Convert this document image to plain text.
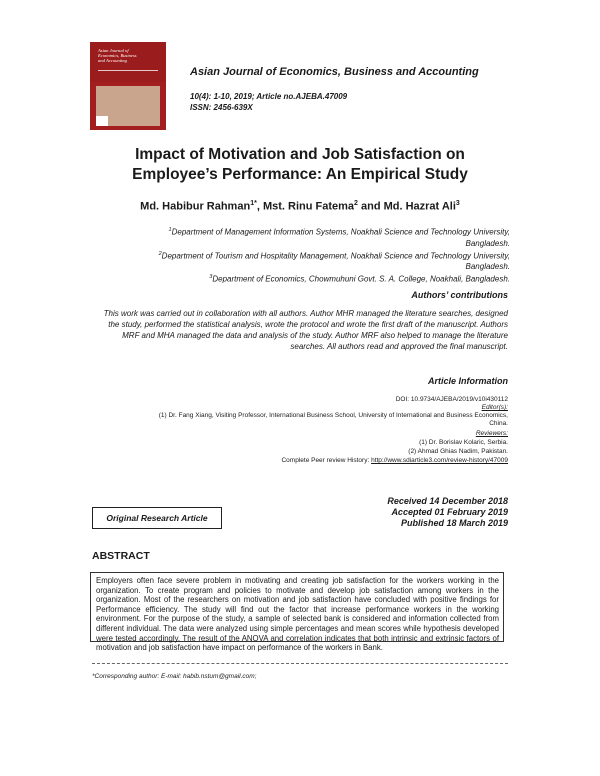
Asian Journal of
Economics, Business
and Accounting
Asian Journal of Economics, Business and Accounting
10(4): 1-10, 2019; Article no.AJEBA.47009
ISSN: 2456-639X
Impact of Motivation and Job Satisfaction on
Employee’s Performance: An Empirical Study
Md. Habibur Rahman$^{1*}$, Mst. Rinu Fatema$^2$ and Md. Hazrat Ali$^3$
$^1$Department of Management Information Systems, Noakhali Science and Technology University,
Bangladesh.
$^2$Department of Tourism and Hospitality Management, Noakhali Science and Technology University,
Bangladesh.
$^3$Department of Economics, Chowmuhuni Govt. S. A. College, Noakhali, Bangladesh.
Authors’ contributions
This work was carried out in collaboration with all authors. Author MHR managed the literature searches, designed the study, performed the statistical analysis, wrote the protocol and wrote the first draft of the manuscript. Authors MRF and MHA managed the data and analysis of the study. Author MRF also helped to manage the literature searches. All authors read and approved the final manuscript.
Article Information
DOI: 10.9734/AJEBA/2019/v10i430112
Editor(s):
(1) Dr. Fang Xiang, Visiting Professor, International Business School, University of International and Business Economics,
China.
Reviewers:
(1) Dr. Borislav Kolaric, Serbia.
(2) Ahmad Ghias Nadim, Pakistan.
Complete Peer review History: http://www.sdiarticle3.com/review-history/47009
Received 14 December 2018
Accepted 01 February 2019
Published 18 March 2019
Original Research Article
ABSTRACT
Employers often face severe problem in motivating and creating job satisfaction for the workers working in the organization. To create program and policies to motivate and develop job satisfaction among workers in the organization. Most of the researchers on motivation and job satisfaction have concluded with positive findings for Performance efficiency. The study will find out the factor that increase performance workers in the working environment. For the purpose of the study, a sample of selected bank is considered and information collected from different individual. The data were analyzed using simple percentages and mean scores while hypothesis developed were tested accordingly. The result of the ANOVA and correlation indicates that both intrinsic and extrinsic factors of motivation and job satisfaction have impact on performance of the workers in Bank.
*Corresponding author: E-mail: habib.nstum@gmail.com;
